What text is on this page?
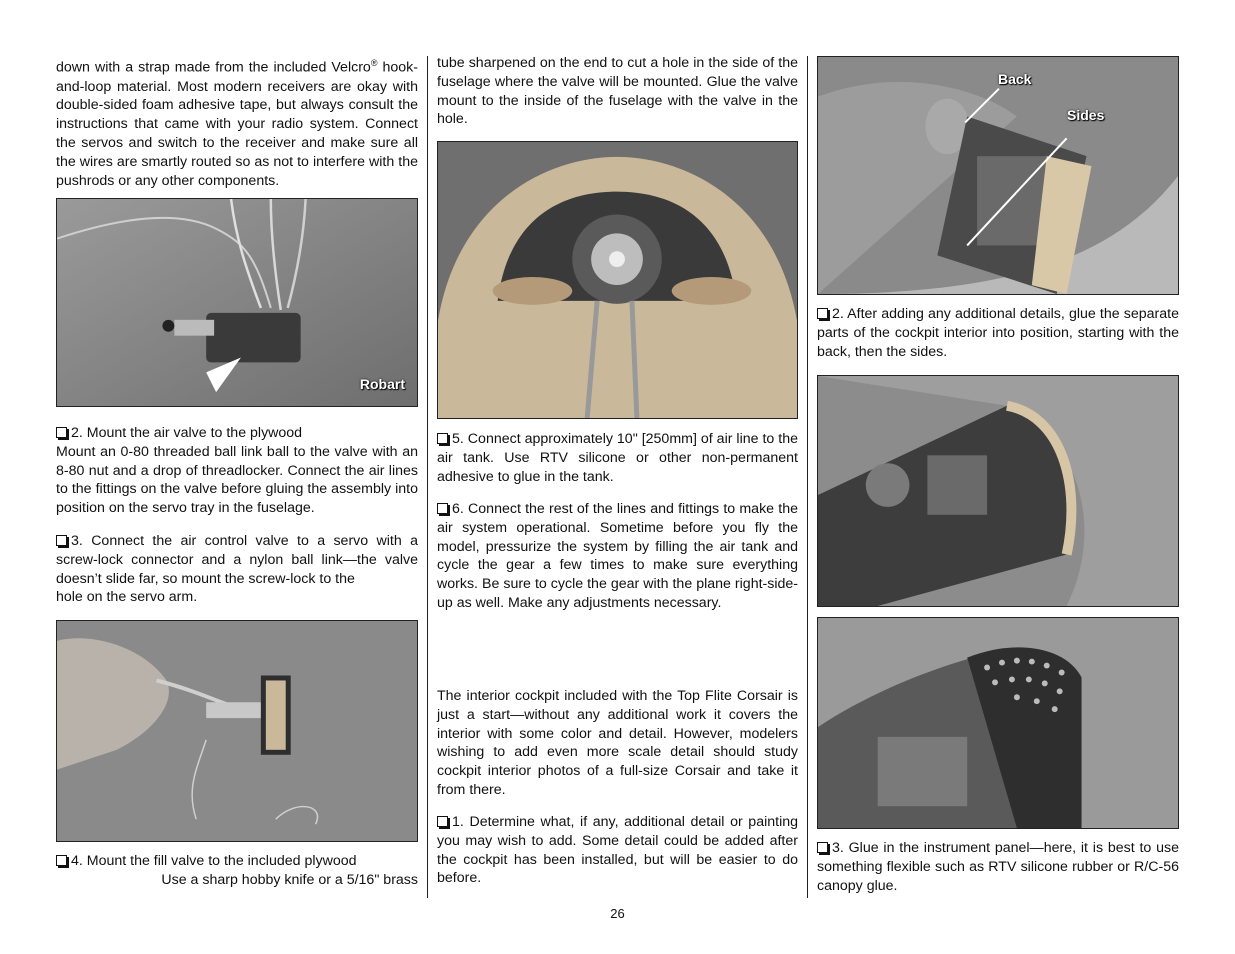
down with a strap made from the included Velcro® hook-and-loop material. Most modern receivers are okay with double-sided foam adhesive tape, but always consult the instructions that came with your radio system. Connect the servos and switch to the receiver and make sure all the wires are smartly routed so as not to interfere with the pushrods or any other components.

Robart

2. Mount the air valve to the plywood
Mount an 0-80 threaded ball link ball to the valve with an 8-80 nut and a drop of threadlocker. Connect the air lines to the fittings on the valve before gluing the assembly into position on the servo tray in the fuselage.

3. Connect the air control valve to a servo with a screw-lock connector and a nylon ball link—the valve doesn’t slide far, so mount the screw-lock to the
hole on the servo arm.

4. Mount the fill valve to the included plywood

Use a sharp hobby knife or a 5/16" brass

tube sharpened on the end to cut a hole in the side of the fuselage where the valve will be mounted. Glue the valve mount to the inside of the fuselage with the valve in the hole.

5. Connect approximately 10" [250mm] of air line to the air tank. Use RTV silicone or other non-permanent adhesive to glue in the tank.

6. Connect the rest of the lines and fittings to make the air system operational. Sometime before you fly the model, pressurize the system by filling the air tank and cycle the gear a few times to make sure everything works. Be sure to cycle the gear with the plane right-side-up as well. Make any adjustments necessary.

The interior cockpit included with the Top Flite Corsair is just a start—without any additional work it covers the interior with some color and detail. However, modelers wishing to add even more scale detail should study cockpit interior photos of a full-size Corsair and take it from there.

1. Determine what, if any, additional detail or painting you may wish to add. Some detail could be added after the cockpit has been installed, but will be easier to do before.

Back
Sides

2. After adding any additional details, glue the separate parts of the cockpit interior into position, starting with the back, then the sides.

3. Glue in the instrument panel—here, it is best to use something flexible such as RTV silicone rubber or R/C-56 canopy glue.

26
